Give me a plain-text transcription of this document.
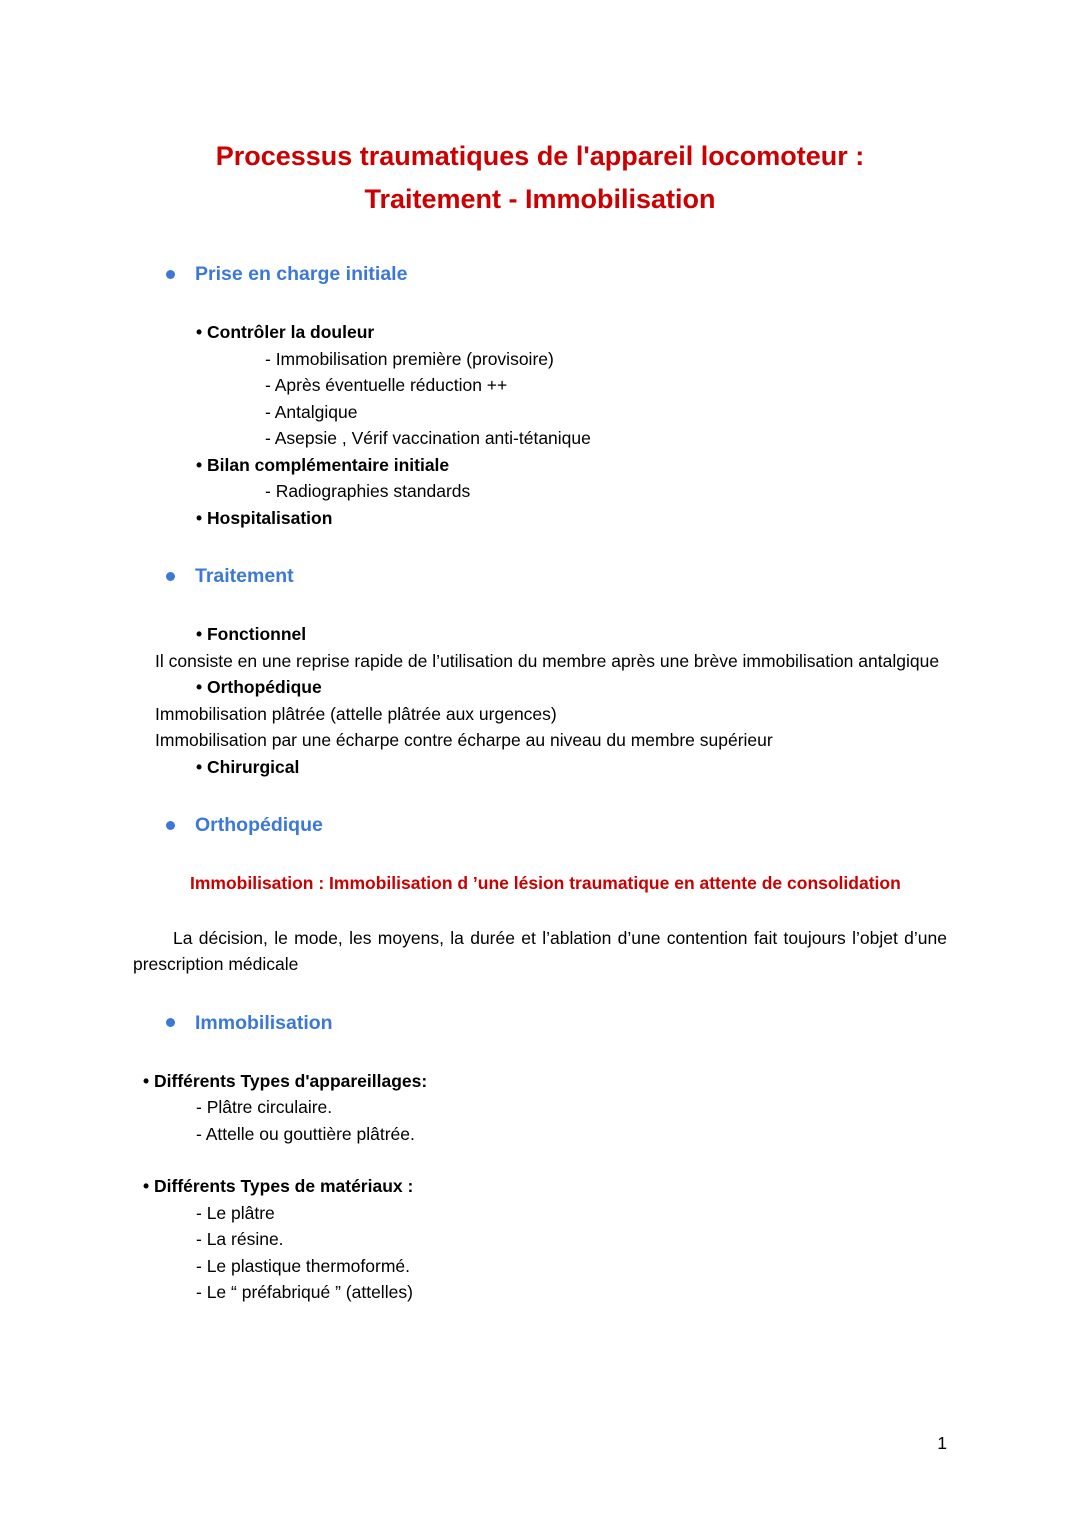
Processus traumatiques de l'appareil locomoteur :
Traitement - Immobilisation
Prise en charge initiale
• Contrôler la douleur
- Immobilisation première (provisoire)
- Après éventuelle réduction ++
- Antalgique
- Asepsie , Vérif vaccination anti-tétanique
• Bilan complémentaire initiale
- Radiographies standards
• Hospitalisation
Traitement
• Fonctionnel

Il consiste en une reprise rapide de l’utilisation du membre après une brève immobilisation antalgique

• Orthopédique
Immobilisation plâtrée (attelle plâtrée aux urgences)
Immobilisation par une écharpe contre écharpe au niveau du membre supérieur
• Chirurgical
Orthopédique

Immobilisation : Immobilisation d ’une lésion traumatique en attente de consolidation

La décision, le mode, les moyens, la durée et l’ablation d’une contention fait toujours l’objet d’une prescription médicale

Immobilisation
• Différents Types d'appareillages:
- Plâtre circulaire.
- Attelle ou gouttière plâtrée.
• Différents Types de matériaux :
- Le plâtre
- La résine.
- Le plastique thermoformé.
- Le “ préfabriqué ” (attelles)
1
